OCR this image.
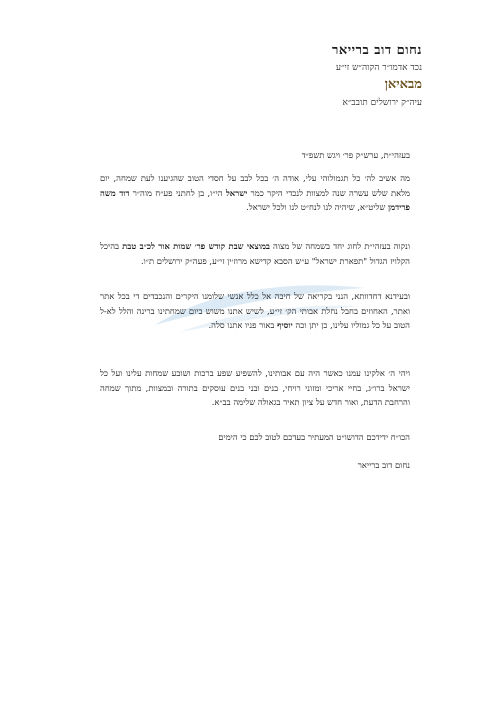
נחום דוב ברייאר
נכד אדמו״ר הקוה״ש זי״ע
מבאיאן
עיה״ק ירושלים תובב״א
בעזהי״ת, ערש״ק פר׳ ויגש תשפ״ד
מה אשיב לה׳ כל תגמולוהי עלי, אודה ה׳ בכל לבב על חסדי הטוב שהגיענו לעת שמחה, יום מלאת שלש עשרה שנה למצוות לנכדי היקר כמר ישראל הי״ו, בן לחתני פע״ח מוה״ר דוד משה פרידמן שליט״א, שיהיה לנו לנח״ט לנו ולכל ישראל.
ונקוה בעזהי״ת לחוג יחד בשמחה של מצוה במוצאי שבת קודש פר׳ שמות אור לכ״ב טבת בהיכל הקלויז הגדול "תפארת ישראל" ע״ש הסבא קדישא מרוז׳ין זי״ע, פעה״ק ירושלים ת״ו.
ובעידנא דחדוותא, הנני בקריאה של חיבה אל כלל אנשי שלומנו היקרים והנכבדים די בכל אתר ואתר, האחוזים בחבל נחלת אבותי הק׳ זי״ע, לשיש אתנו משוש ביום שמחתינו ברינה והלל לא-ל הטוב על כל גמוליו עלינו, כן יתן וכה יוסיף באור פניו אתנו סלה.
ויהי ה׳ אלקינו עמנו כאשר היה עם אבותינו, להשפיע שפע ברכות ושובע שמחות עלינו ועל כל ישראל ברו״ג, בחיי אריכי ומזוני רויחי, בנים ובני בנים עוסקים בתורה ובמצוות, מתוך שמחה והרחבת הדעת, ואור חדש על ציון תאיר בגאולה שלימה בב״א.
הכו״ח ידידכם הדושו״ט המעתיר בעדכם לטוב לכם כי הימים
נחום דוב ברייאר
